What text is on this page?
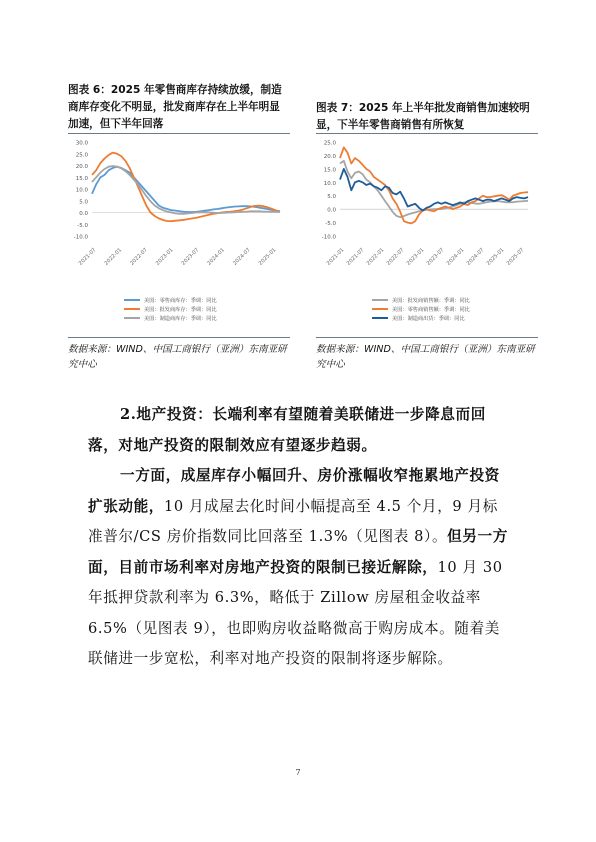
图表 6：2025 年零售商库存持续放缓，制造商库存变化不明显，批发商库存在上半年明显加速，但下半年回落
30.0
25.0
20.0
15.0
10.0
5.0
0.0
-5.0
-10.0
2021-07 2022-01 2022-07 2023-01 2023-07 2024-01 2024-07 2025-01
美国：零售商库存：季调：同比
美国：批发商库存：季调：同比
美国：制造商库存：季调：同比
数据来源：WIND、中国工商银行（亚洲）东南亚研究中心
图表 7：2025 年上半年批发商销售加速较明显，下半年零售商销售有所恢复
25.0
20.0
15.0
10.0
5.0
0.0
-5.0
-10.0
2021-01 2021-07 2022-01 2022-07 2023-01 2023-07 2024-01 2024-07 2025-01 2025-07
美国：批发商销售额：季调：同比
美国：零售商销售额：季调：同比
美国：制造商出货：季调：同比
数据来源：WIND、中国工商银行（亚洲）东南亚研究中心
2.地产投资：长端利率有望随着美联储进一步降息而回落，对地产投资的限制效应有望逐步趋弱。
一方面，成屋库存小幅回升、房价涨幅收窄拖累地产投资扩张动能，10 月成屋去化时间小幅提高至 4.5 个月，9 月标准普尔/CS 房价指数同比回落至 1.3%（见图表 8）。但另一方面，目前市场利率对房地产投资的限制已接近解除，10 月 30 年抵押贷款利率为 6.3%，略低于 Zillow 房屋租金收益率 6.5%（见图表 9），也即购房收益略微高于购房成本。随着美联储进一步宽松，利率对地产投资的限制将逐步解除。
7
